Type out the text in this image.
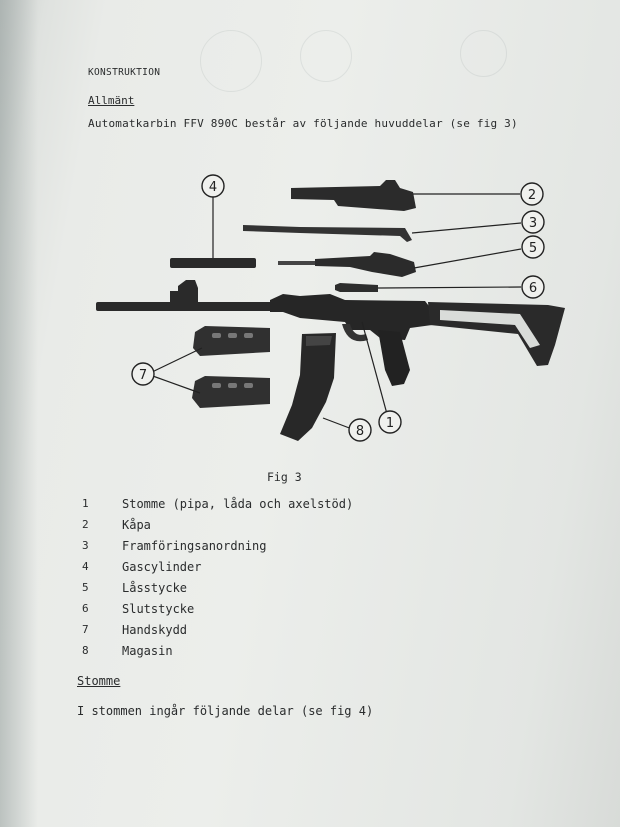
KONSTRUKTION
Allmänt
Automatkarbin FFV 890C består av följande huvuddelar (se fig 3)
2
3
5
6
4
7
8
1
Fig 3
1	Stomme (pipa, låda och axelstöd)
2	Kåpa
3	Framföringsanordning
4	Gascylinder
5	Låsstycke
6	Slutstycke
7	Handskydd
8	Magasin
Stomme
I stommen ingår följande delar (se fig 4)
